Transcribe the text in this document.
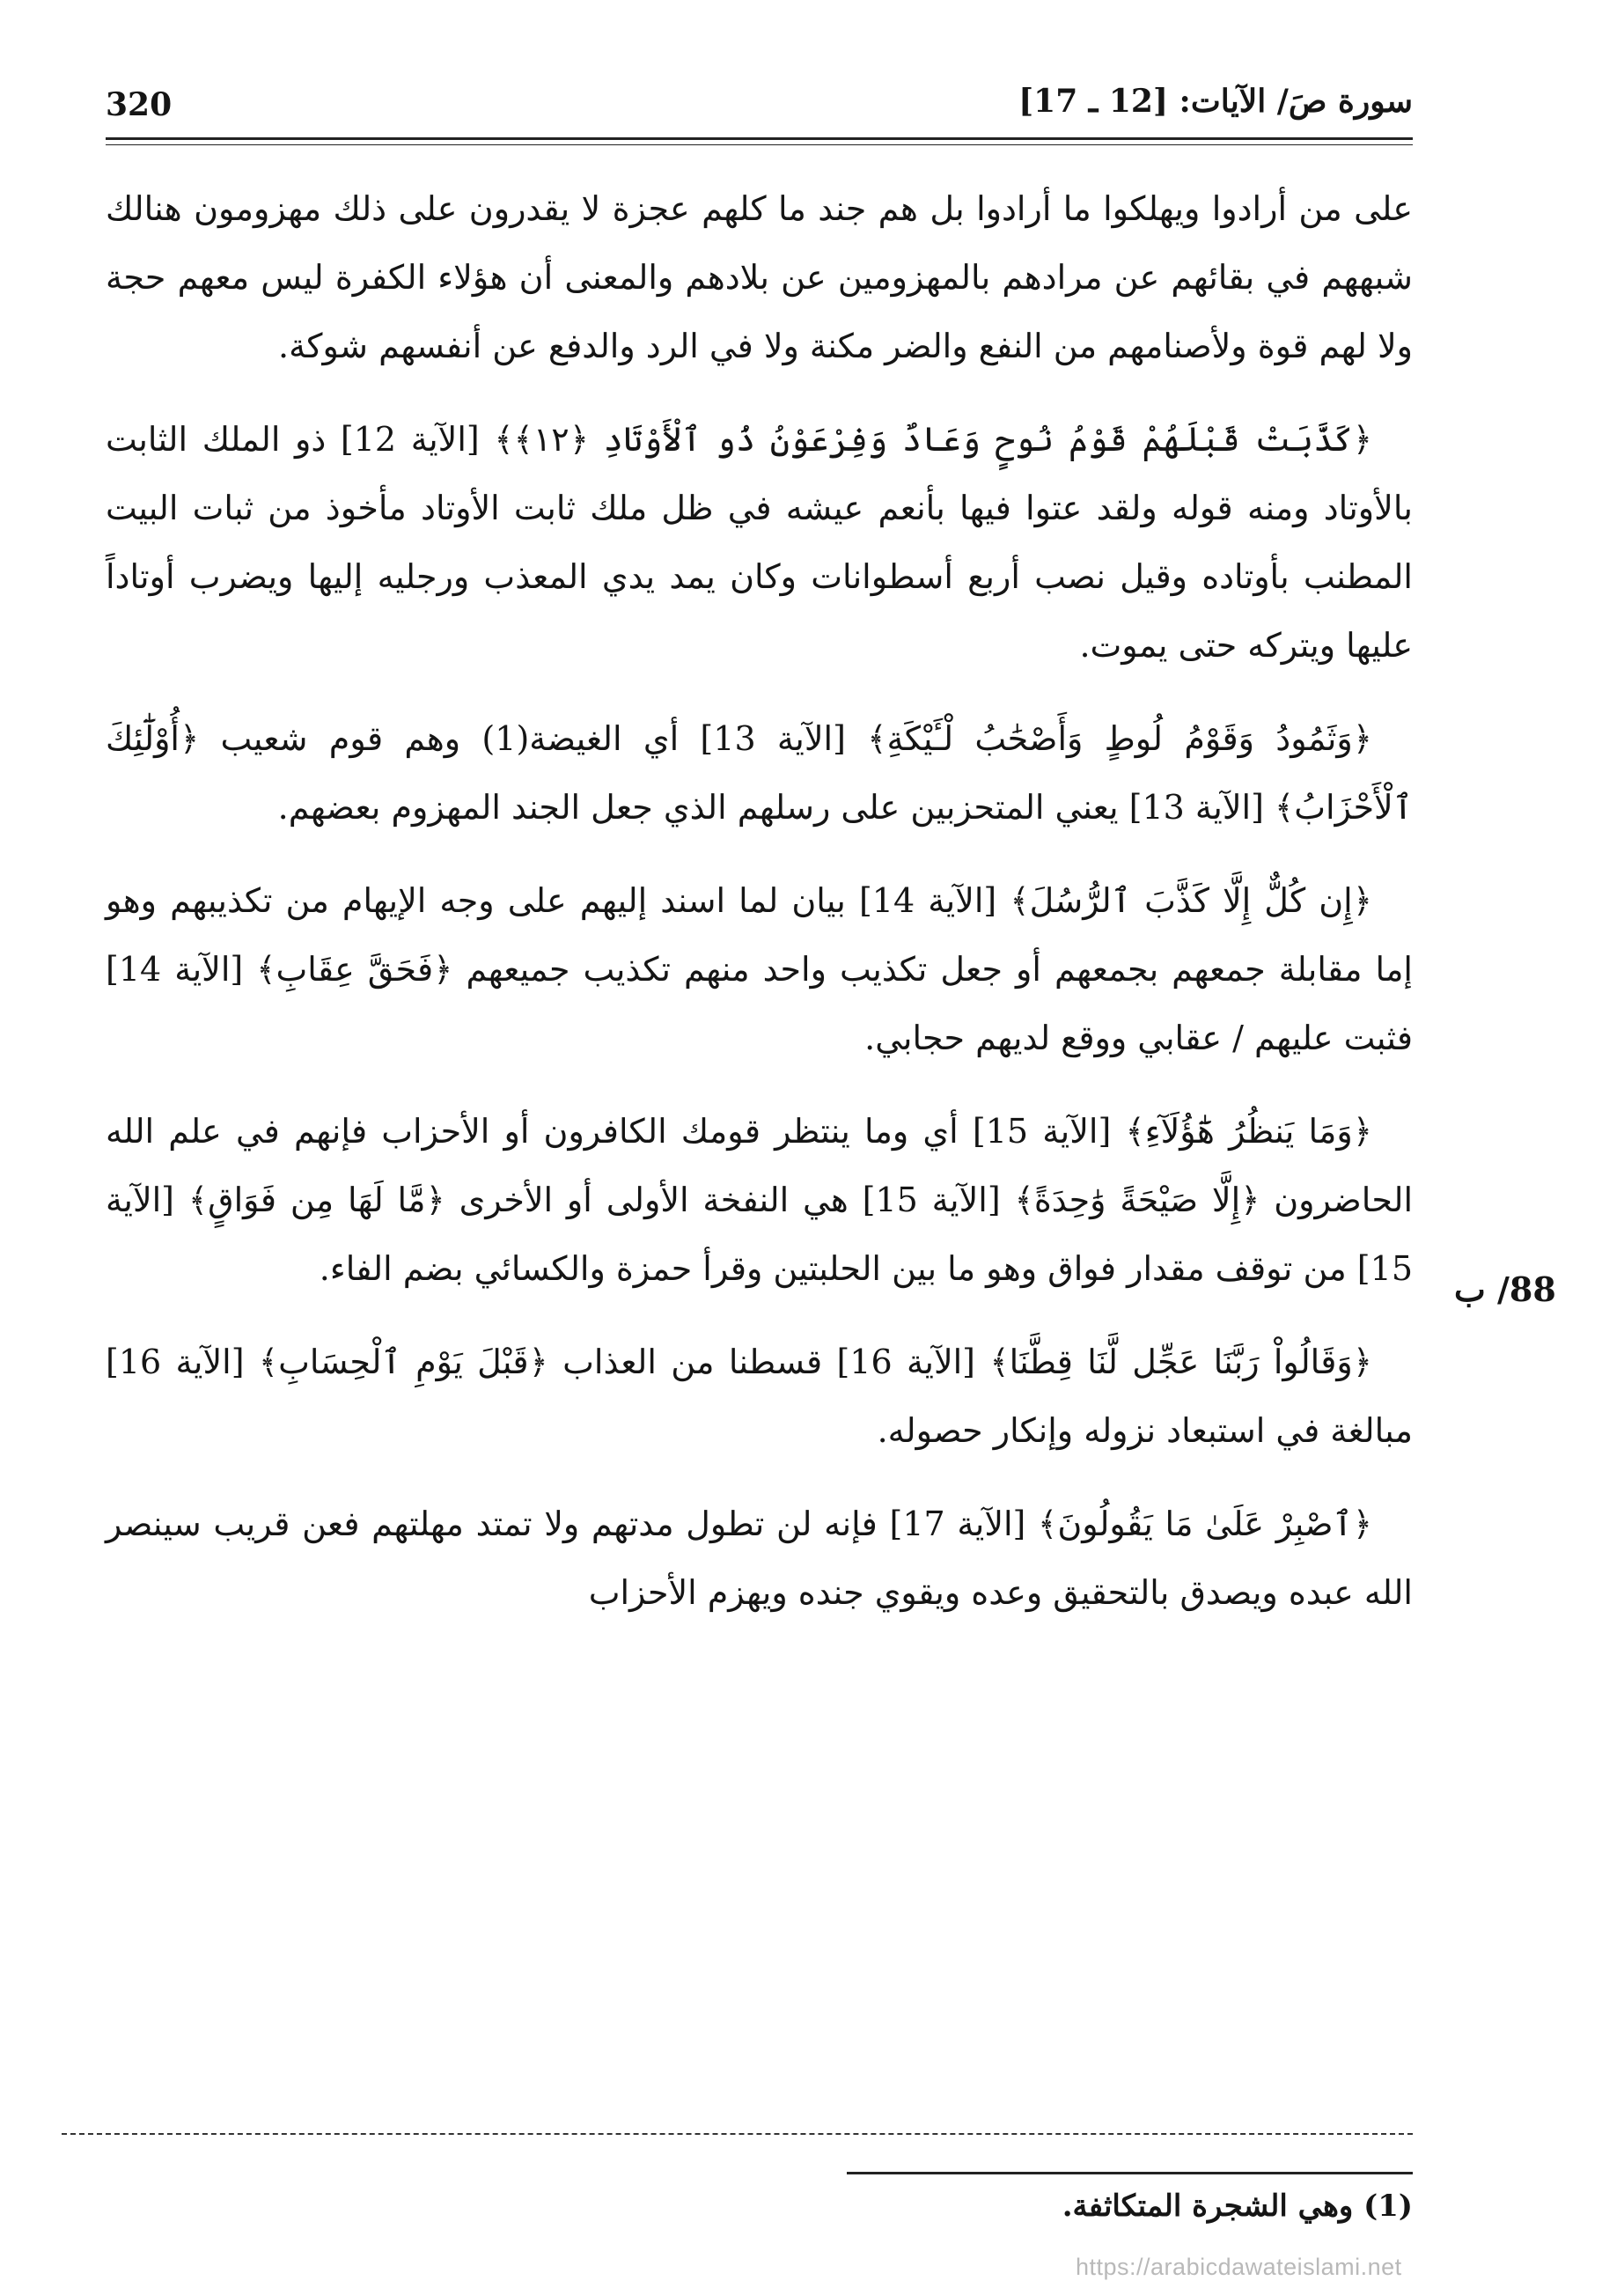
320	سورة صَ/ الآيات: [12 ـ 17]

على من أرادوا ويهلكوا ما أرادوا بل هم جند ما كلهم عجزة لا يقدرون على ذلك مهزومون هنالك شبههم في بقائهم عن مرادهم بالمهزومين عن بلادهم والمعنى أن هؤلاء الكفرة ليس معهم حجة ولا لهم قوة ولأصنامهم من النفع والضر مكنة ولا في الرد والدفع عن أنفسهم شوكة.

﴿كَذَّبَتْ قَبْلَهُمْ قَوْمُ نُوحٍ وَعَادٌ وَفِرْعَوْنُ ذُو ٱلْأَوْتَادِ ﴿١٢﴾﴾ [الآية 12] ذو الملك الثابت بالأوتاد ومنه قوله ولقد عتوا فيها بأنعم عيشه في ظل ملك ثابت الأوتاد مأخوذ من ثبات البيت المطنب بأوتاده وقيل نصب أربع أسطوانات وكان يمد يدي المعذب ورجليه إليها ويضرب أوتاداً عليها ويتركه حتى يموت.

﴿وَثَمُودُ وَقَوْمُ لُوطٍ وَأَصْحَٰبُ لْـَٔيْكَةِ﴾ [الآية 13] أي الغيضة(1) وهم قوم شعيب ﴿أُوْلَٰٓئِكَ ٱلْأَحْزَابُ﴾ [الآية 13] يعني المتحزبين على رسلهم الذي جعل الجند المهزوم بعضهم.

﴿إِن كُلٌّ إِلَّا كَذَّبَ ٱلرُّسُلَ﴾ [الآية 14] بيان لما اسند إليهم على وجه الإيهام من تكذيبهم وهو إما مقابلة جمعهم بجمعهم أو جعل تكذيب واحد منهم تكذيب جميعهم ﴿فَحَقَّ عِقَابِ﴾ [الآية 14] فثبت عليهم / عقابي ووقع لديهم حجابي.

﴿وَمَا يَنظُرُ هَٰٓؤُلَآءِ﴾ [الآية 15] أي وما ينتظر قومك الكافرون أو الأحزاب فإنهم في علم الله الحاضرون ﴿إِلَّا صَيْحَةً وَٰحِدَةً﴾ [الآية 15] هي النفخة الأولى أو الأخرى ﴿مَّا لَهَا مِن فَوَاقٍ﴾ [الآية 15] من توقف مقدار فواق وهو ما بين الحلبتين وقرأ حمزة والكسائي بضم الفاء.

﴿وَقَالُواْ رَبَّنَا عَجِّل لَّنَا قِطَّنَا﴾ [الآية 16] قسطنا من العذاب ﴿قَبْلَ يَوْمِ ٱلْحِسَابِ﴾ [الآية 16] مبالغة في استبعاد نزوله وإنكار حصوله.

﴿ٱصْبِرْ عَلَىٰ مَا يَقُولُونَ﴾ [الآية 17] فإنه لن تطول مدتهم ولا تمتد مهلتهم فعن قريب سينصر الله عبده ويصدق بالتحقيق وعده ويقوي جنده ويهزم الأحزاب

88/ ب
(1) وهي الشجرة المتكاثفة.
https://arabicdawateislami.net
